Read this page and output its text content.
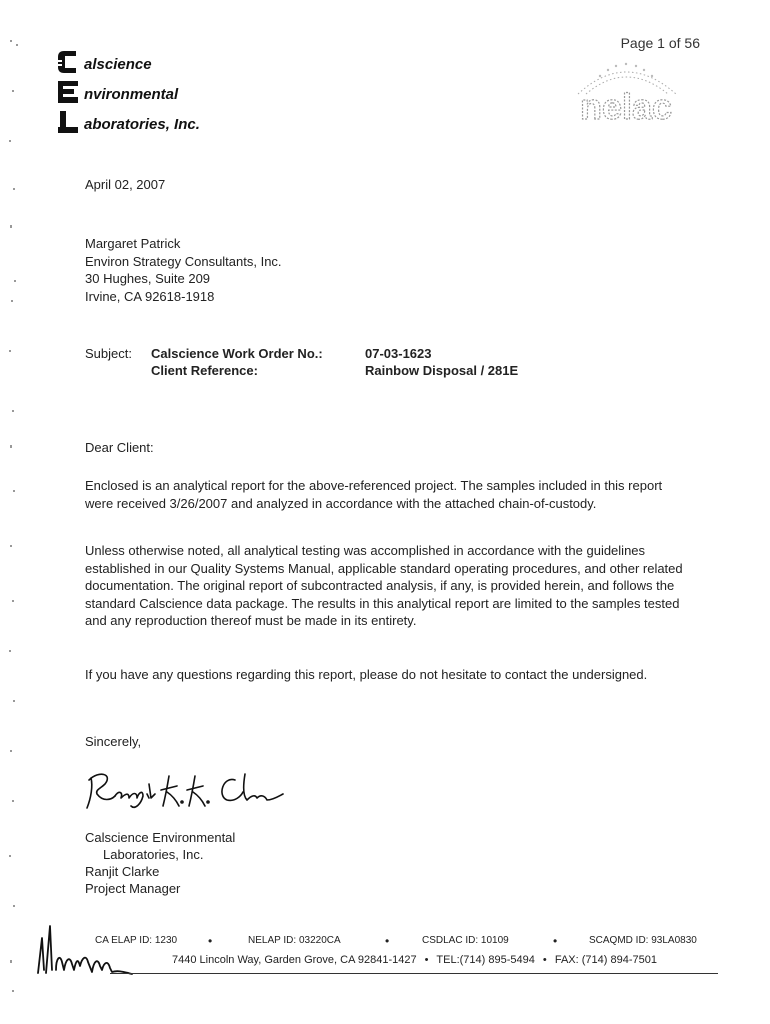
Page 1 of 56
alscience
nvironmental
aboratories, Inc.	nelac
April 02, 2007
Margaret Patrick
Environ Strategy Consultants, Inc.
30 Hughes, Suite 209
Irvine, CA 92618-1918
Subject: Calscience Work Order No.:	07-03-1623
Client Reference:	Rainbow Disposal / 281E
Dear Client:

Enclosed is an analytical report for the above-referenced project. The samples included in this report were received 3/26/2007 and analyzed in accordance with the attached chain-of-custody.

Unless otherwise noted, all analytical testing was accomplished in accordance with the guidelines established in our Quality Systems Manual, applicable standard operating procedures, and other related documentation. The original report of subcontracted analysis, if any, is provided herein, and follows the standard Calscience data package. The results in this analytical report are limited to the samples tested and any reproduction thereof must be made in its entirety.

If you have any questions regarding this report, please do not hesitate to contact the undersigned.

Sincerely,
Calscience Environmental
Laboratories, Inc.
Ranjit Clarke
Project Manager
CA ELAP ID: 1230	•	NELAP ID: 03220CA	•	CSDLAC ID: 10109	•	SCAQMD ID: 93LA0830
7440 Lincoln Way, Garden Grove, CA 92841-1427 • TEL:(714) 895-5494 • FAX: (714) 894-7501
